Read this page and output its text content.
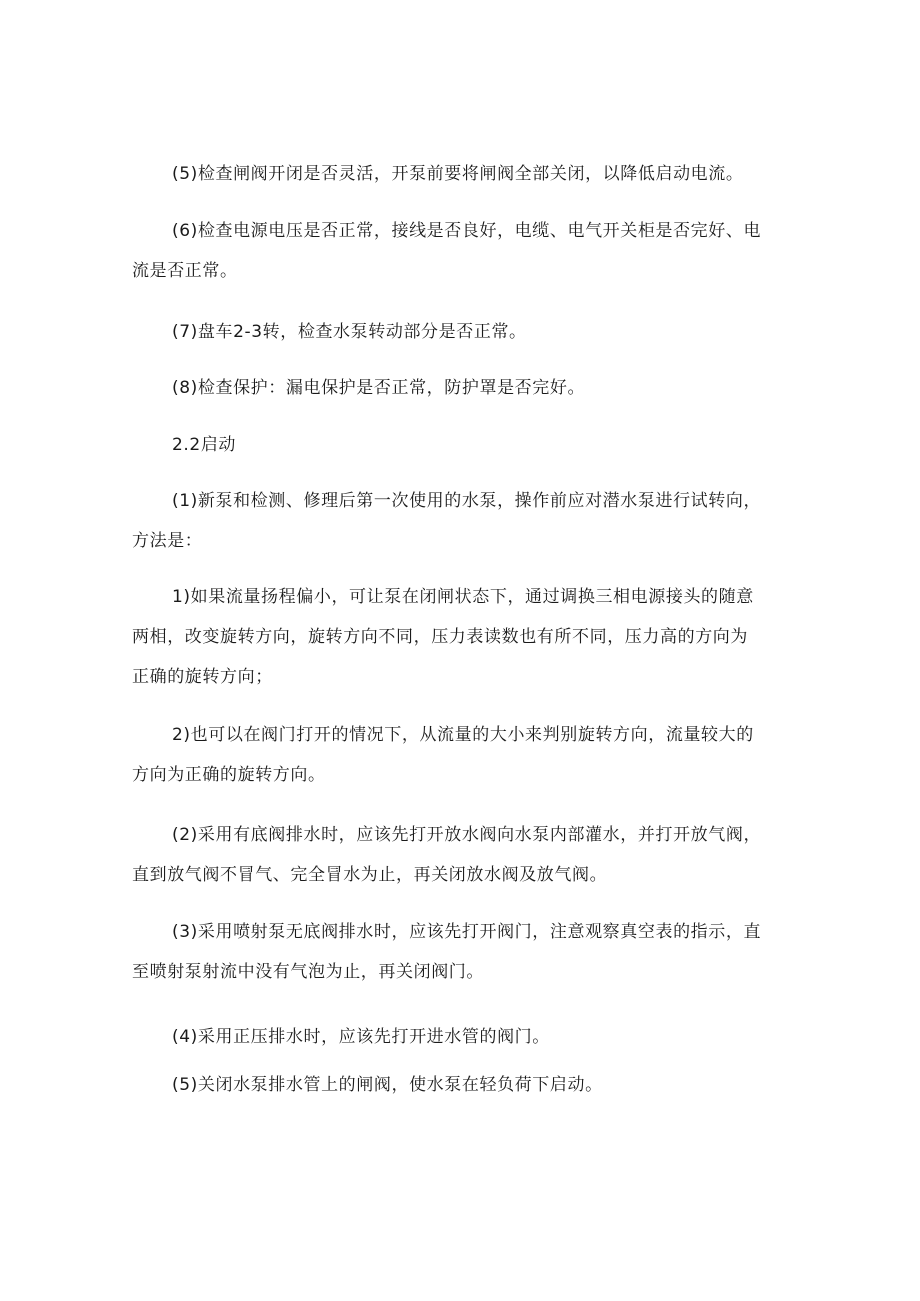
(5)检查闸阀开闭是否灵活，开泵前要将闸阀全部关闭，以降低启动电流。
(6)检查电源电压是否正常，接线是否良好，电缆、电气开关柜是否完好、电
流是否正常。
(7)盘车2-3转，检查水泵转动部分是否正常。
(8)检查保护：漏电保护是否正常，防护罩是否完好。
2.2启动
(1)新泵和检测、修理后第一次使用的水泵，操作前应对潜水泵进行试转向，
方法是：
1)如果流量扬程偏小，可让泵在闭闸状态下，通过调换三相电源接头的随意
两相，改变旋转方向，旋转方向不同，压力表读数也有所不同，压力高的方向为
正确的旋转方向；
2)也可以在阀门打开的情况下，从流量的大小来判别旋转方向，流量较大的
方向为正确的旋转方向。
(2)采用有底阀排水时，应该先打开放水阀向水泵内部灌水，并打开放气阀，
直到放气阀不冒气、完全冒水为止，再关闭放水阀及放气阀。
(3)采用喷射泵无底阀排水时，应该先打开阀门，注意观察真空表的指示，直
至喷射泵射流中没有气泡为止，再关闭阀门。
(4)采用正压排水时，应该先打开进水管的阀门。
(5)关闭水泵排水管上的闸阀，使水泵在轻负荷下启动。
